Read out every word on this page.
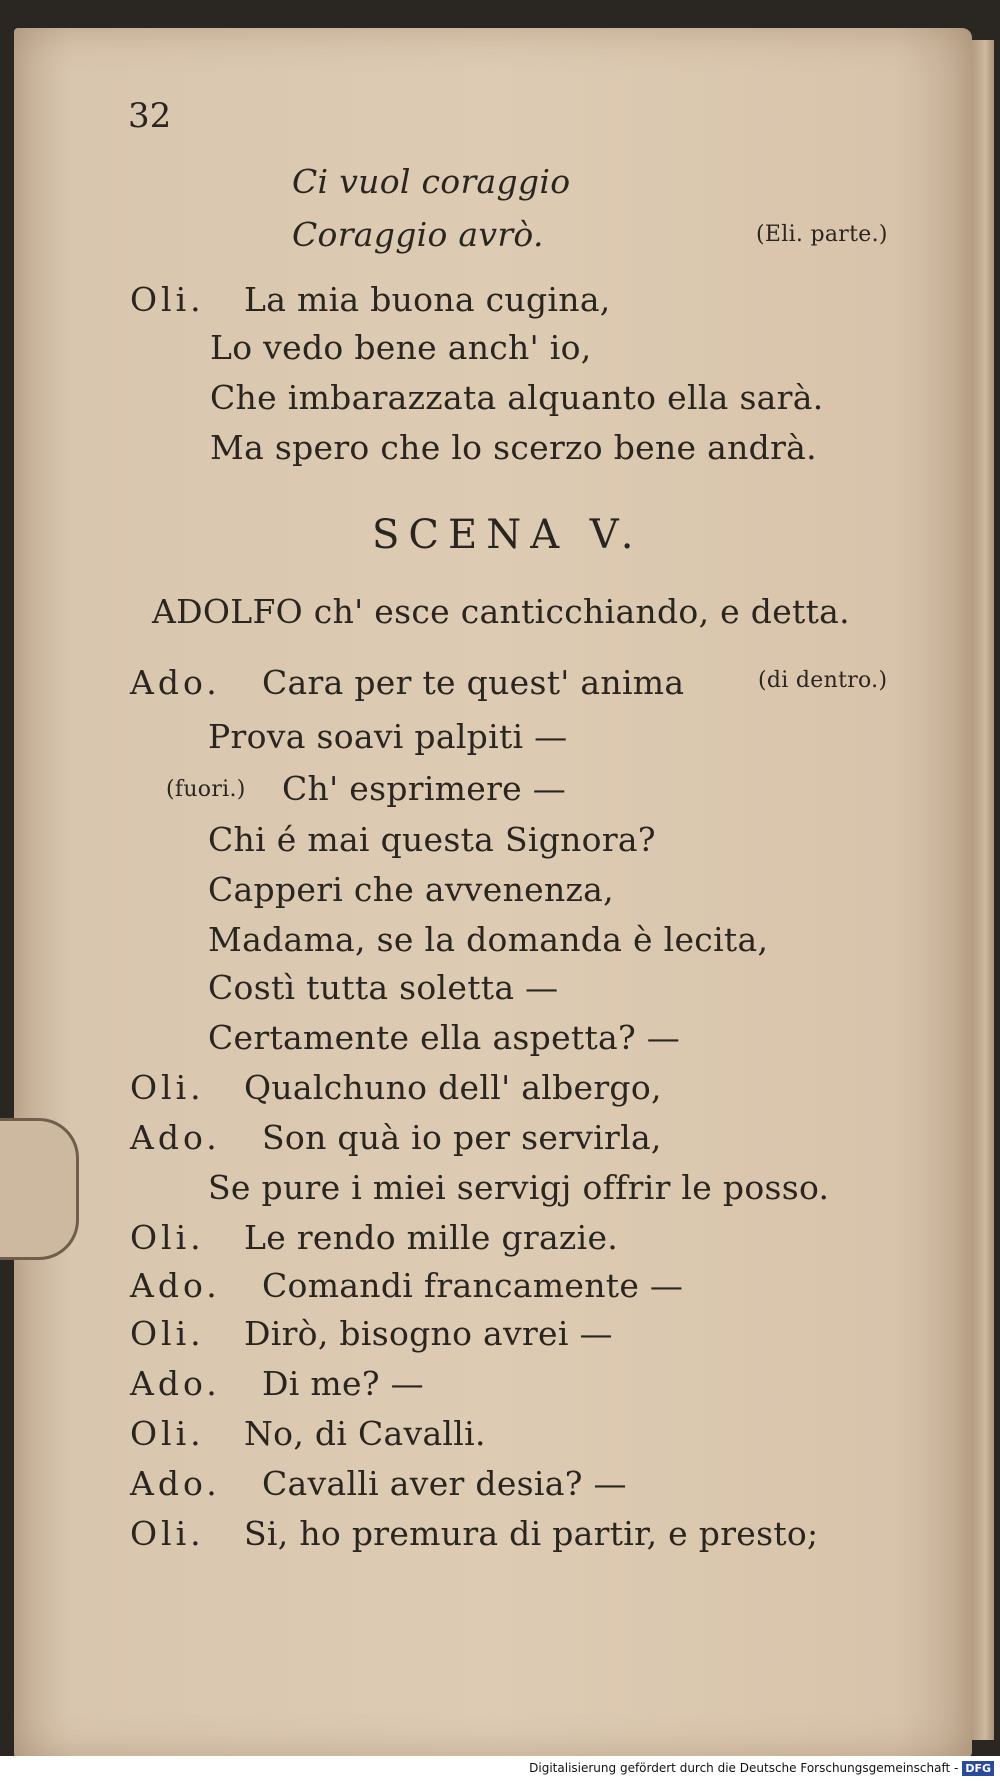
32
Ci vuol coraggio
Coraggio avrò.	(Eli. parte.)
Oli. La mia buona cugina,
Lo vedo bene anch' io,
Che imbarazzata alquanto ella sarà.
Ma spero che lo scerzo bene andrà.
SCENA V.
ADOLFO ch' esce canticchiando, e detta.
Ado. Cara per te quest' anima	(di dentro.)
Prova soavi palpiti —
(fuori.) Ch' esprimere —
Chi é mai questa Signora?
Capperi che avvenenza,
Madama, se la domanda è lecita,
Costì tutta soletta —
Certamente ella aspetta? —
Oli. Qualchuno dell' albergo,
Ado. Son quà io per servirla,
Se pure i miei servigj offrir le posso.
Oli. Le rendo mille grazie.
Ado. Comandi francamente —
Oli. Dirò, bisogno avrei —
Ado. Di me? —
Oli. No, di Cavalli.
Ado. Cavalli aver desia? —
Oli. Si, ho premura di partir, e presto;
Digitalisierung gefördert durch die Deutsche Forschungsgemeinschaft - DFG
